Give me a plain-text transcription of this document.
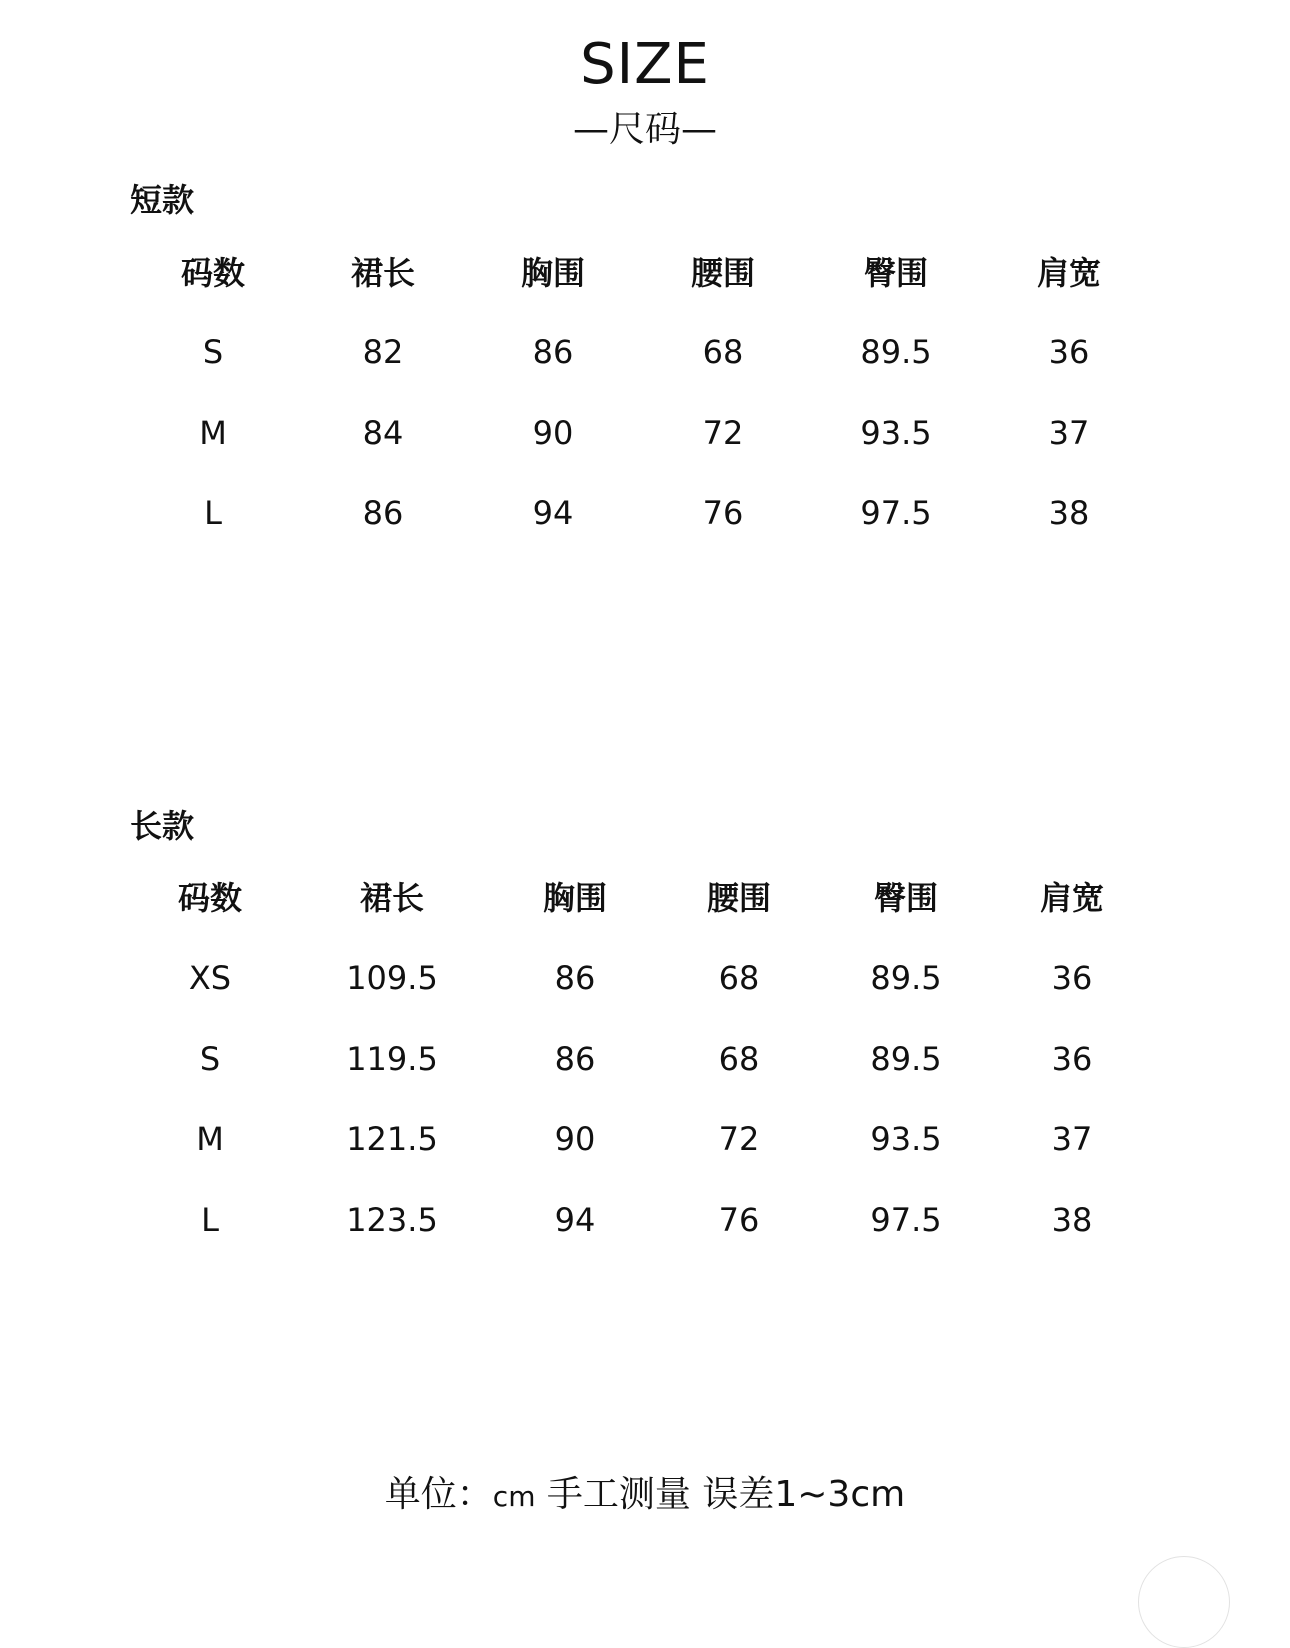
SIZE
—尺码—
短款
码数	裙长	胸围	腰围	臀围	肩宽
S	82	86	68	89.5	36
M	84	90	72	93.5	37
L	86	94	76	97.5	38
长款
码数	裙长	胸围	腰围	臀围	肩宽
XS	109.5	86	68	89.5	36
S	119.5	86	68	89.5	36
M	121.5	90	72	93.5	37
L	123.5	94	76	97.5	38
单位：cm 手工测量 误差1~3cm
